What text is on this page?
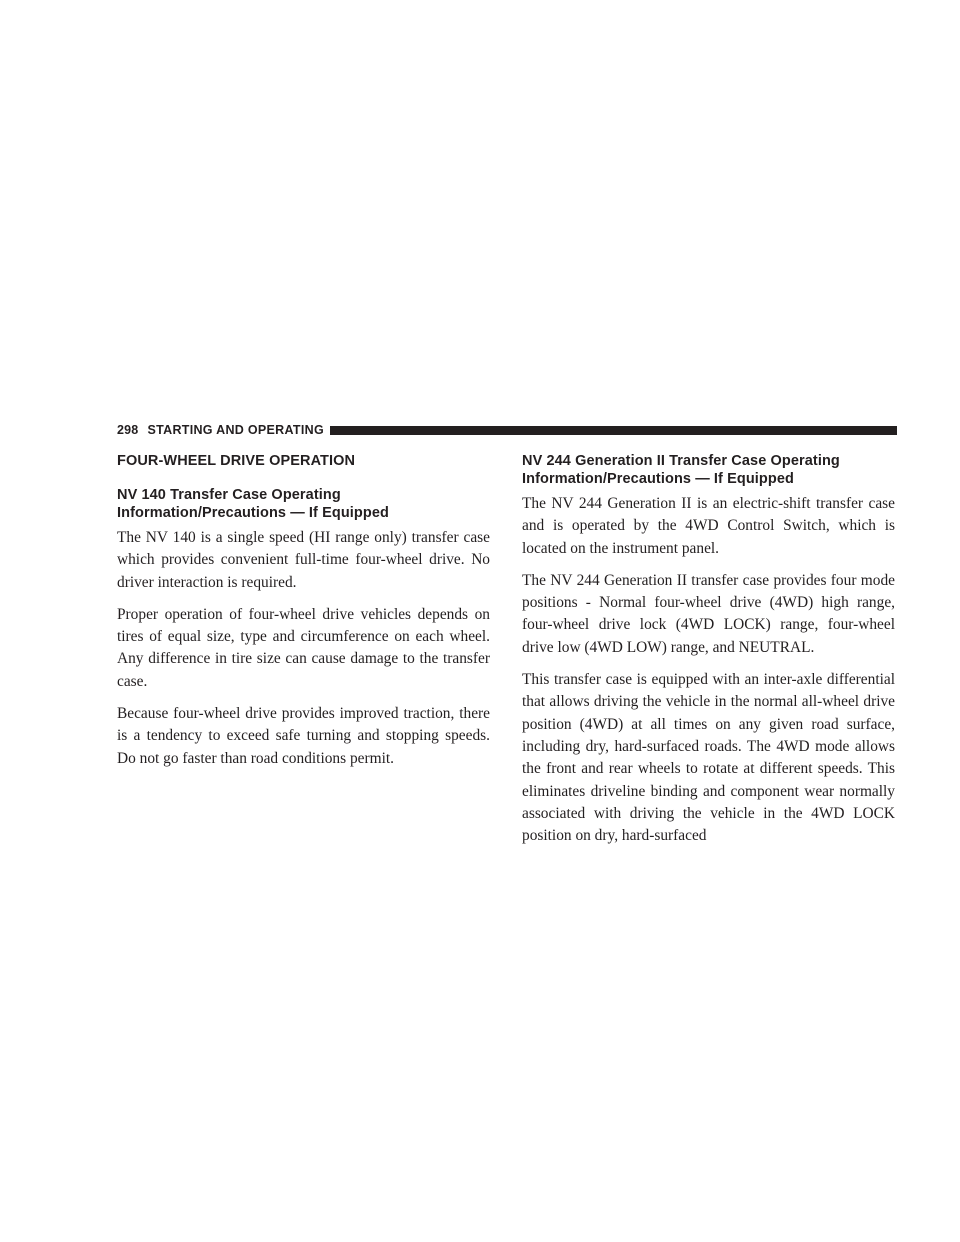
298 STARTING AND OPERATING
FOUR-WHEEL DRIVE OPERATION
NV 140 Transfer Case Operating Information/Precautions — If Equipped

The NV 140 is a single speed (HI range only) transfer case which provides convenient full-time four-wheel drive. No driver interaction is required.

Proper operation of four-wheel drive vehicles depends on tires of equal size, type and circumference on each wheel. Any difference in tire size can cause damage to the transfer case.

Because four-wheel drive provides improved traction, there is a tendency to exceed safe turning and stopping speeds. Do not go faster than road conditions permit.

NV 244 Generation II Transfer Case Operating Information/Precautions — If Equipped

The NV 244 Generation II is an electric-shift transfer case and is operated by the 4WD Control Switch, which is located on the instrument panel.

The NV 244 Generation II transfer case provides four mode positions - Normal four-wheel drive (4WD) high range, four-wheel drive lock (4WD LOCK) range, four-wheel drive low (4WD LOW) range, and NEUTRAL.

This transfer case is equipped with an inter-axle differential that allows driving the vehicle in the normal all-wheel drive position (4WD) at all times on any given road surface, including dry, hard-surfaced roads. The 4WD mode allows the front and rear wheels to rotate at different speeds. This eliminates driveline binding and component wear normally associated with driving the vehicle in the 4WD LOCK position on dry, hard-surfaced
